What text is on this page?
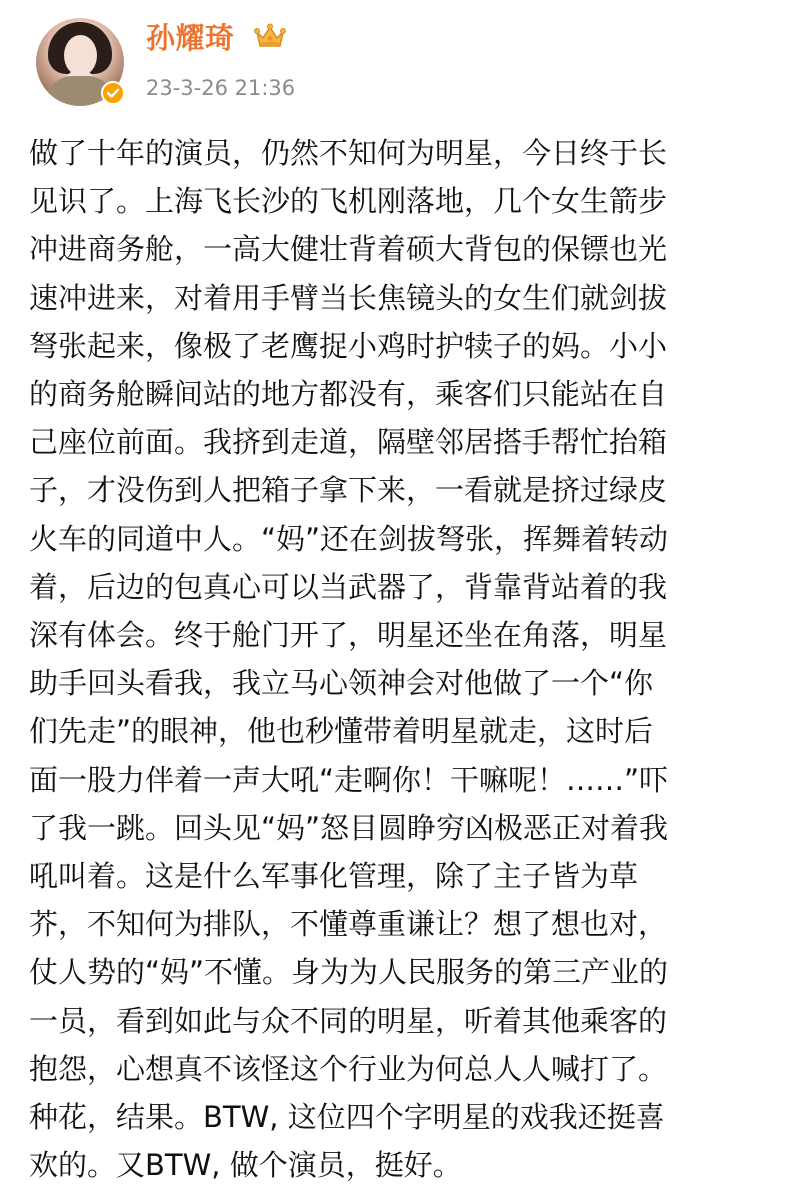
孙耀琦
23-3-26 21:36
做了十年的演员，仍然不知何为明星，今日终于长
见识了。上海飞长沙的飞机刚落地，几个女生箭步
冲进商务舱，一高大健壮背着硕大背包的保镖也光
速冲进来，对着用手臂当长焦镜头的女生们就剑拔
弩张起来，像极了老鹰捉小鸡时护犊子的妈。小小
的商务舱瞬间站的地方都没有，乘客们只能站在自
己座位前面。我挤到走道，隔壁邻居搭手帮忙抬箱
子，才没伤到人把箱子拿下来，一看就是挤过绿皮
火车的同道中人。“妈”还在剑拔弩张，挥舞着转动
着，后边的包真心可以当武器了，背靠背站着的我
深有体会。终于舱门开了，明星还坐在角落，明星
助手回头看我，我立马心领神会对他做了一个“你
们先走”的眼神，他也秒懂带着明星就走，这时后
面一股力伴着一声大吼“走啊你！干嘛呢！……”吓
了我一跳。回头见“妈”怒目圆睁穷凶极恶正对着我
吼叫着。这是什么军事化管理，除了主子皆为草
芥，不知何为排队，不懂尊重谦让？想了想也对，
仗人势的“妈”不懂。身为为人民服务的第三产业的
一员，看到如此与众不同的明星，听着其他乘客的
抱怨，心想真不该怪这个行业为何总人人喊打了。
种花，结果。BTW, 这位四个字明星的戏我还挺喜
欢的。又BTW, 做个演员，挺好。
